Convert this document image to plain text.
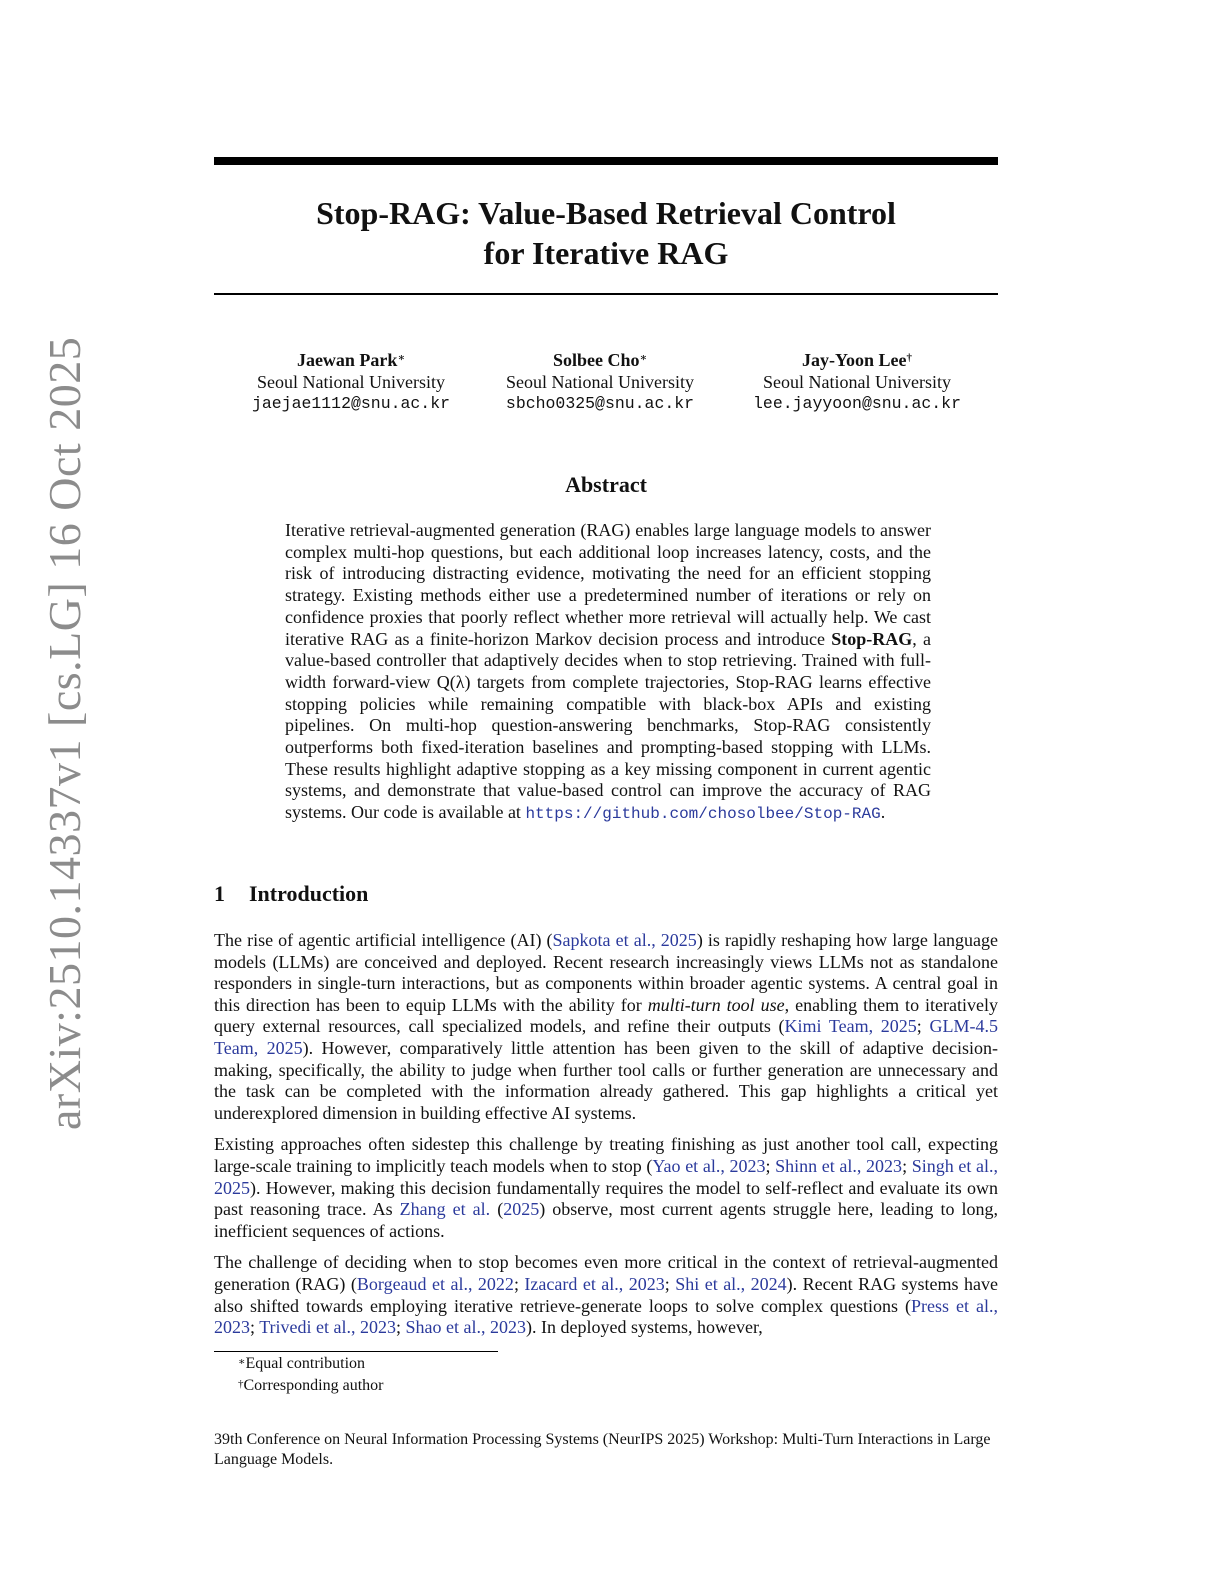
arXiv:2510.14337v1 [cs.LG] 16 Oct 2025
Stop-RAG: Value-Based Retrieval Control
for Iterative RAG
Jaewan Park∗
Seoul National University
jaejae1112@snu.ac.kr
Solbee Cho∗
Seoul National University
sbcho0325@snu.ac.kr
Jay-Yoon Lee†
Seoul National University
lee.jayyoon@snu.ac.kr
Abstract
Iterative retrieval-augmented generation (RAG) enables large language models to answer complex multi-hop questions, but each additional loop increases latency, costs, and the risk of introducing distracting evidence, motivating the need for an efficient stopping strategy. Existing methods either use a predetermined number of iterations or rely on confidence proxies that poorly reflect whether more retrieval will actually help. We cast iterative RAG as a finite-horizon Markov decision process and introduce Stop-RAG, a value-based controller that adaptively decides when to stop retrieving. Trained with full-width forward-view Q(λ) targets from complete trajectories, Stop-RAG learns effective stopping policies while remaining compatible with black-box APIs and existing pipelines. On multi-hop question-answering benchmarks, Stop-RAG consistently outperforms both fixed-iteration baselines and prompting-based stopping with LLMs. These results highlight adaptive stopping as a key missing component in current agentic systems, and demonstrate that value-based control can improve the accuracy of RAG systems. Our code is available at https://github.com/chosolbee/Stop-RAG.
1 Introduction

The rise of agentic artificial intelligence (AI) (Sapkota et al., 2025) is rapidly reshaping how large language models (LLMs) are conceived and deployed. Recent research increasingly views LLMs not as standalone responders in single-turn interactions, but as components within broader agentic systems. A central goal in this direction has been to equip LLMs with the ability for multi-turn tool use, enabling them to iteratively query external resources, call specialized models, and refine their outputs (Kimi Team, 2025; GLM-4.5 Team, 2025). However, comparatively little attention has been given to the skill of adaptive decision-making, specifically, the ability to judge when further tool calls or further generation are unnecessary and the task can be completed with the information already gathered. This gap highlights a critical yet underexplored dimension in building effective AI systems.

Existing approaches often sidestep this challenge by treating finishing as just another tool call, expecting large-scale training to implicitly teach models when to stop (Yao et al., 2023; Shinn et al., 2023; Singh et al., 2025). However, making this decision fundamentally requires the model to self-reflect and evaluate its own past reasoning trace. As Zhang et al. (2025) observe, most current agents struggle here, leading to long, inefficient sequences of actions.

The challenge of deciding when to stop becomes even more critical in the context of retrieval-augmented generation (RAG) (Borgeaud et al., 2022; Izacard et al., 2023; Shi et al., 2024). Recent RAG systems have also shifted towards employing iterative retrieve-generate loops to solve complex questions (Press et al., 2023; Trivedi et al., 2023; Shao et al., 2023). In deployed systems, however,

∗Equal contribution
†Corresponding author
39th Conference on Neural Information Processing Systems (NeurIPS 2025) Workshop: Multi-Turn Interactions in Large Language Models.
